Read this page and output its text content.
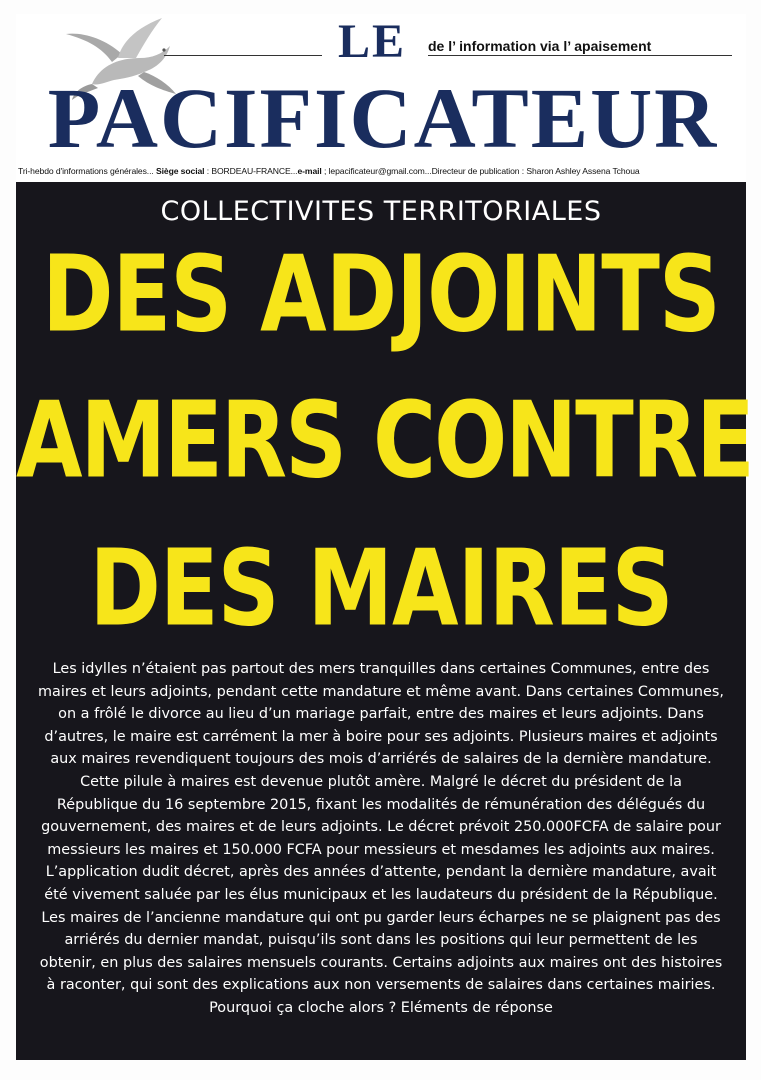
LE de l’ information via l’ apaisement
PACIFICATEUR
Tri-hebdo d'informations générales... Siège social : BORDEAU-FRANCE...e-mail ; lepacificateur@gmail.com...Directeur de publication : Sharon Ashley Assena Tchoua
COLLECTIVITES TERRITORIALES
DES ADJOINTS
AMERS CONTRE
DES MAIRES
Les idylles n’étaient pas partout des mers tranquilles dans certaines Communes, entre des maires et leurs adjoints, pendant cette mandature et même avant. Dans certaines Communes, on a frôlé le divorce au lieu d’un mariage parfait, entre des maires et leurs adjoints. Dans d’autres, le maire est carrément la mer à boire pour ses adjoints. Plusieurs maires et adjoints aux maires revendiquent toujours des mois d’arriérés de salaires de la dernière mandature. Cette pilule à maires est devenue plutôt amère. Malgré le décret du président de la République du 16 septembre 2015, fixant les modalités de rémunération des délégués du gouvernement, des maires et de leurs adjoints. Le décret prévoit 250.000FCFA de salaire pour messieurs les maires et 150.000 FCFA pour messieurs et mesdames les adjoints aux maires. L’application dudit décret, après des années d’attente, pendant la dernière mandature, avait été vivement saluée par les élus municipaux et les laudateurs du président de la République. Les maires de l’ancienne mandature qui ont pu garder leurs écharpes ne se plaignent pas des arriérés du dernier mandat, puisqu’ils sont dans les positions qui leur permettent de les obtenir, en plus des salaires mensuels courants. Certains adjoints aux maires ont des histoires à raconter, qui sont des explications aux non versements de salaires dans certaines mairies. Pourquoi ça cloche alors ? Eléments de réponse
